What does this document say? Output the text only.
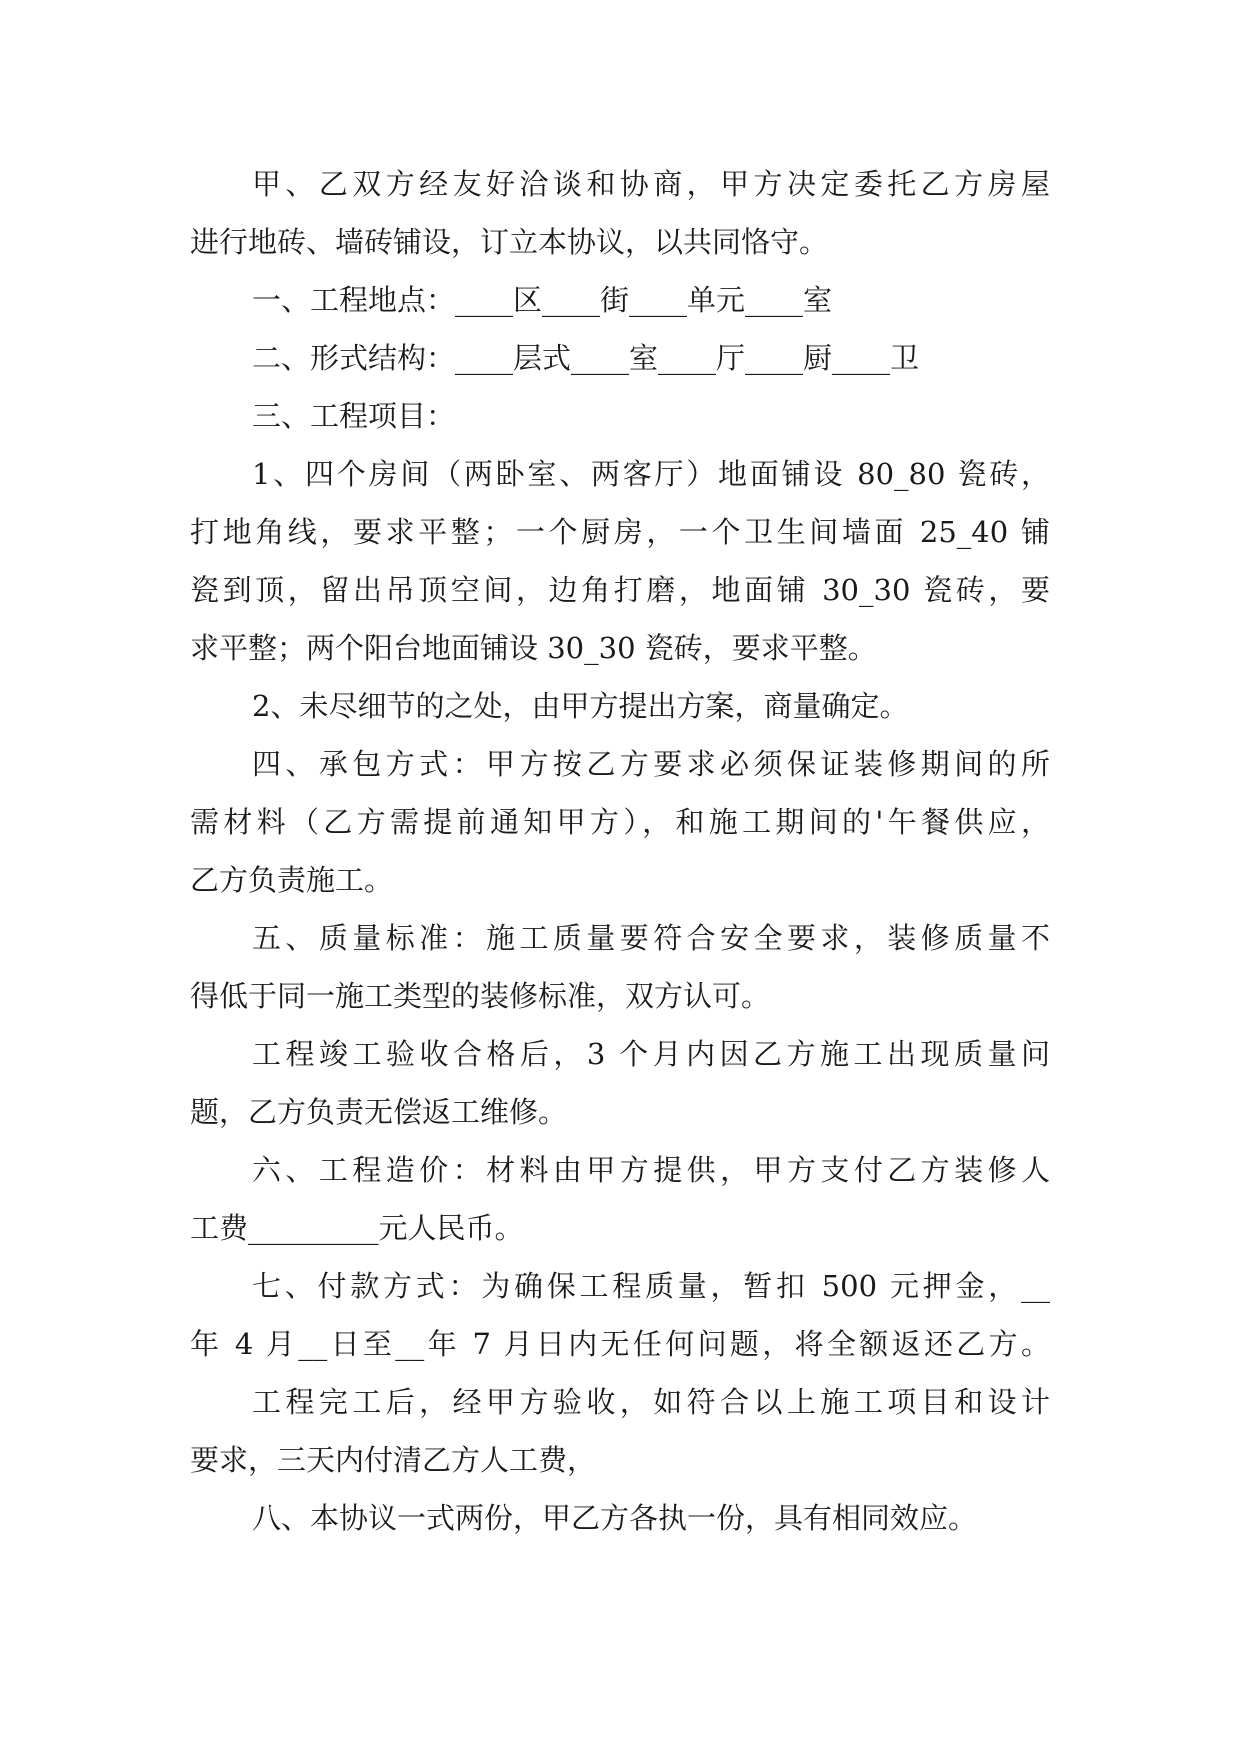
甲、乙双方经友好洽谈和协商，甲方决定委托乙方房屋
进行地砖、墙砖铺设，订立本协议，以共同恪守。
一、工程地点：____区____街____单元____室
二、形式结构：____层式____室____厅____厨____卫
三、工程项目：
1、四个房间（两卧室、两客厅）地面铺设 80_80 瓷砖，
打地角线，要求平整；一个厨房，一个卫生间墙面 25_40 铺
瓷到顶，留出吊顶空间，边角打磨，地面铺 30_30 瓷砖，要
求平整；两个阳台地面铺设 30_30 瓷砖，要求平整。
2、未尽细节的之处，由甲方提出方案，商量确定。
四、承包方式：甲方按乙方要求必须保证装修期间的所
需材料（乙方需提前通知甲方），和施工期间的'午餐供应，
乙方负责施工。
五、质量标准：施工质量要符合安全要求，装修质量不
得低于同一施工类型的装修标准，双方认可。
工程竣工验收合格后，3 个月内因乙方施工出现质量问
题，乙方负责无偿返工维修。
六、工程造价：材料由甲方提供，甲方支付乙方装修人
工费_________元人民币。
七、付款方式：为确保工程质量，暂扣 500 元押金，__
年 4 月__日至__年 7 月日内无任何问题，将全额返还乙方。
工程完工后，经甲方验收，如符合以上施工项目和设计
要求，三天内付清乙方人工费，
八、本协议一式两份，甲乙方各执一份，具有相同效应。
